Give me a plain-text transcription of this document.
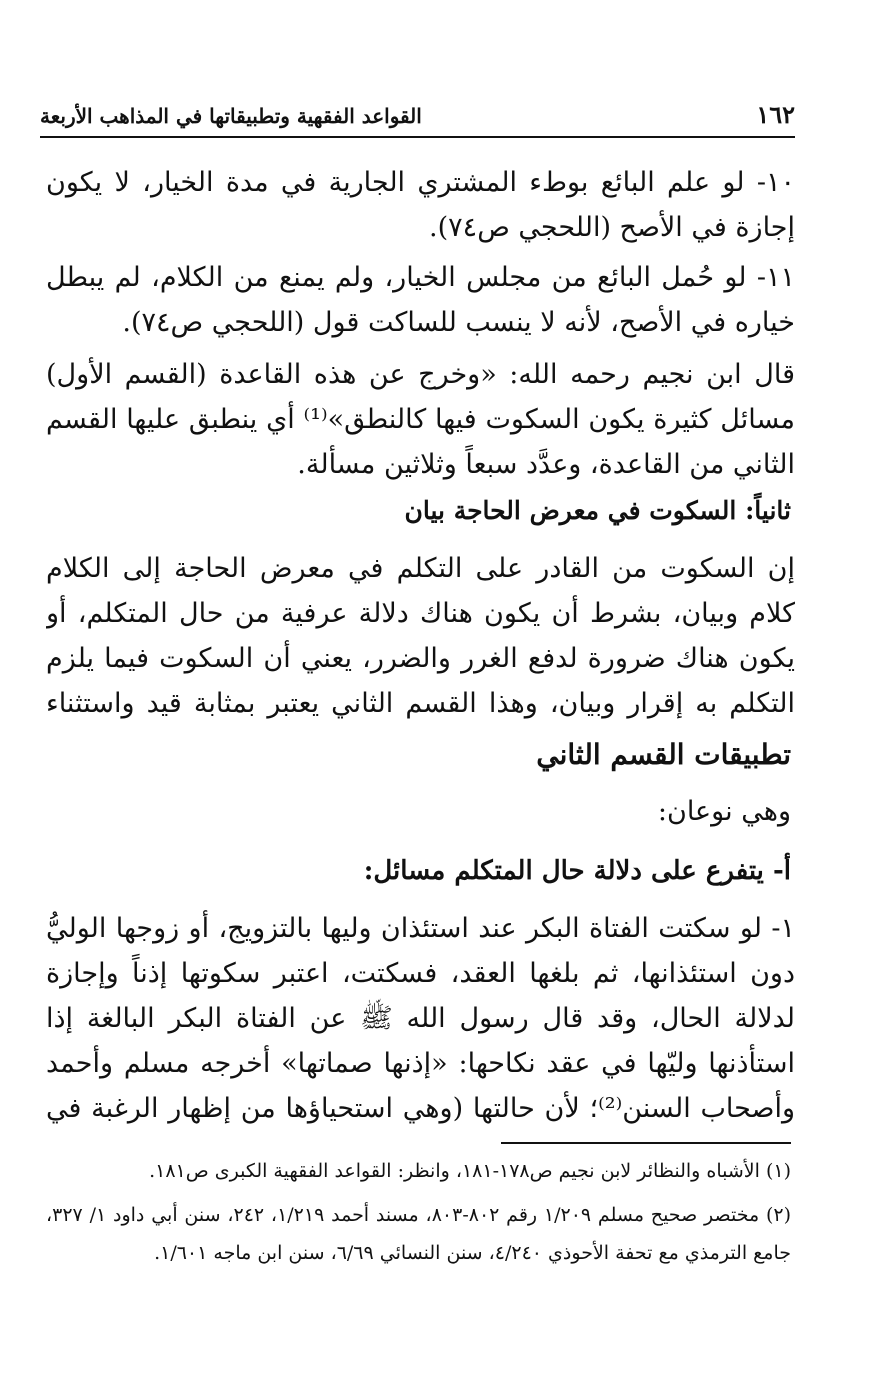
١٦٢
القواعد الفقهية وتطبيقاتها في المذاهب الأربعة

١٠- لو علم البائع بوطء المشتري الجارية في مدة الخيار، لا يكون إجازة في الأصح (اللحجي ص٧٤).

١١- لو حُمل البائع من مجلس الخيار، ولم يمنع من الكلام، لم يبطل خياره في الأصح، لأنه لا ينسب للساكت قول (اللحجي ص٧٤).

قال ابن نجيم رحمه الله: «وخرج عن هذه القاعدة (القسم الأول) مسائل كثيرة يكون السكوت فيها كالنطق»⁽¹⁾ أي ينطبق عليها القسم الثاني من القاعدة، وعدَّد سبعاً وثلاثين مسألة.

ثانياً: السكوت في معرض الحاجة بيان

إن السكوت من القادر على التكلم في معرض الحاجة إلى الكلام كلام وبيان، بشرط أن يكون هناك دلالة عرفية من حال المتكلم، أو يكون هناك ضرورة لدفع الغرر والضرر، يعني أن السكوت فيما يلزم التكلم به إقرار وبيان، وهذا القسم الثاني يعتبر بمثابة قيد واستثناء

تطبيقات القسم الثاني

وهي نوعان:

أ- يتفرع على دلالة حال المتكلم مسائل:

١- لو سكتت الفتاة البكر عند استئذان وليها بالتزويج، أو زوجها الوليُّ دون استئذانها، ثم بلغها العقد، فسكتت، اعتبر سكوتها إذناً وإجازة لدلالة الحال، وقد قال رسول الله ﷺ عن الفتاة البكر البالغة إذا استأذنها وليّها في عقد نكاحها: «إذنها صماتها» أخرجه مسلم وأحمد وأصحاب السنن⁽²⁾؛ لأن حالتها (وهي استحياؤها من إظهار الرغبة في

(١) الأشباه والنظائر لابن نجيم ص١٧٨-١٨١، وانظر: القواعد الفقهية الكبرى ص١٨١.

(٢) مختصر صحيح مسلم ١/٢٠٩ رقم ٨٠٢-٨٠٣، مسند أحمد ١/٢١٩، ٢٤٢، سنن أبي داود ١/ ٣٢٧، جامع الترمذي مع تحفة الأحوذي ٤/٢٤٠، سنن النسائي ٦/٦٩، سنن ابن ماجه ١/٦٠١.
